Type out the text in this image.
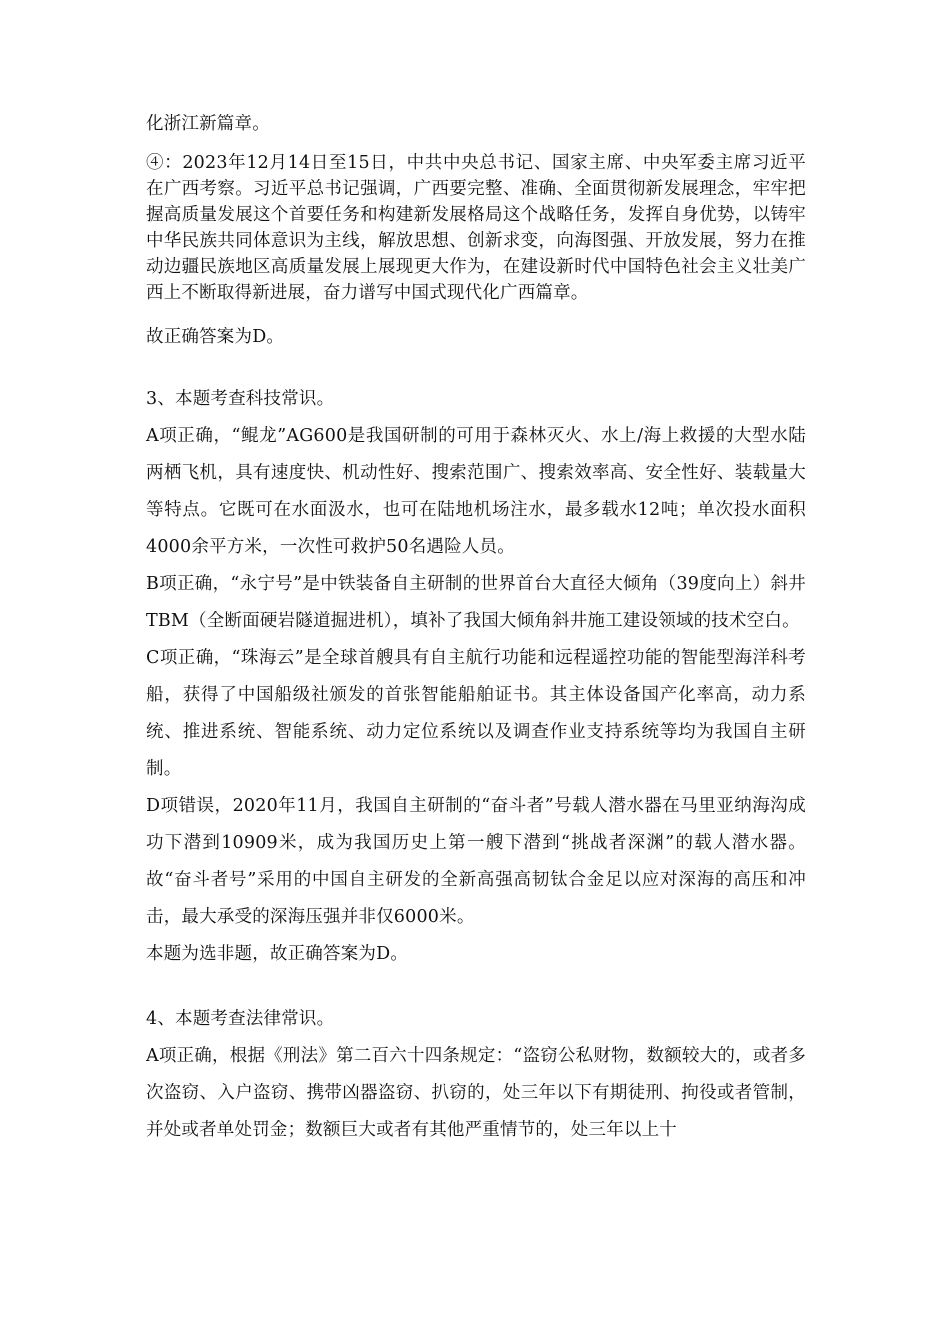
化浙江新篇章。

④：2023年12月14日至15日，中共中央总书记、国家主席、中央军委主席习近平在广西考察。习近平总书记强调，广西要完整、准确、全面贯彻新发展理念，牢牢把握高质量发展这个首要任务和构建新发展格局这个战略任务，发挥自身优势，以铸牢中华民族共同体意识为主线，解放思想、创新求变，向海图强、开放发展，努力在推动边疆民族地区高质量发展上展现更大作为，在建设新时代中国特色社会主义壮美广西上不断取得新进展，奋力谱写中国式现代化广西篇章。

故正确答案为D。

3、本题考查科技常识。

A项正确，“鲲龙”AG600是我国研制的可用于森林灭火、水上/海上救援的大型水陆两栖飞机，具有速度快、机动性好、搜索范围广、搜索效率高、安全性好、装载量大等特点。它既可在水面汲水，也可在陆地机场注水，最多载水12吨；单次投水面积4000余平方米，一次性可救护50名遇险人员。

B项正确，“永宁号”是中铁装备自主研制的世界首台大直径大倾角（39度向上）斜井TBM（全断面硬岩隧道掘进机），填补了我国大倾角斜井施工建设领域的技术空白。

C项正确，“珠海云”是全球首艘具有自主航行功能和远程遥控功能的智能型海洋科考船，获得了中国船级社颁发的首张智能船舶证书。其主体设备国产化率高，动力系统、推进系统、智能系统、动力定位系统以及调查作业支持系统等均为我国自主研制。

D项错误，2020年11月，我国自主研制的“奋斗者”号载人潜水器在马里亚纳海沟成功下潜到10909米，成为我国历史上第一艘下潜到“挑战者深渊”的载人潜水器。故“奋斗者号”采用的中国自主研发的全新高强高韧钛合金足以应对深海的高压和冲击，最大承受的深海压强并非仅6000米。

本题为选非题，故正确答案为D。

4、本题考查法律常识。

A项正确，根据《刑法》第二百六十四条规定：“盗窃公私财物，数额较大的，或者多次盗窃、入户盗窃、携带凶器盗窃、扒窃的，处三年以下有期徒刑、拘役或者管制，并处或者单处罚金；数额巨大或者有其他严重情节的，处三年以上十
